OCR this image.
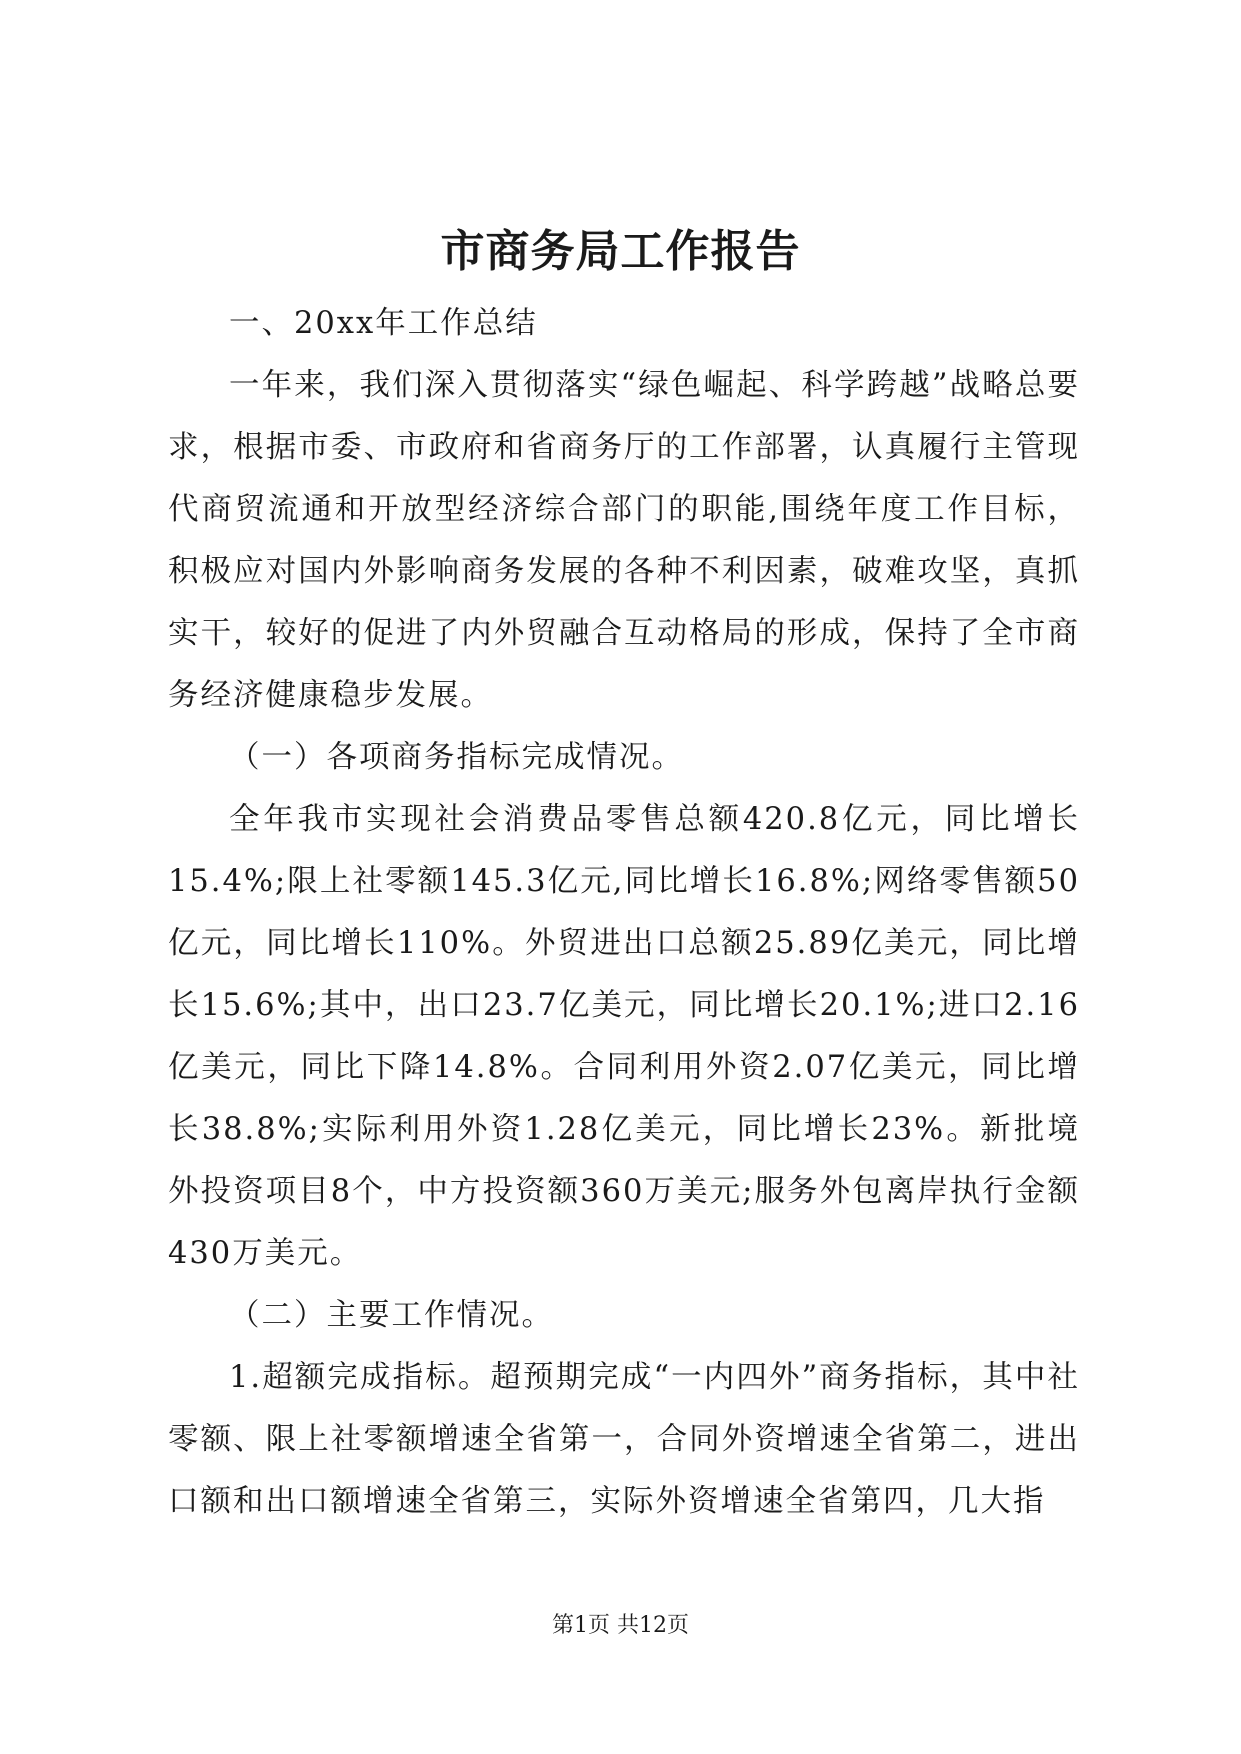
市商务局工作报告

一、20xx年工作总结

一年来，我们深入贯彻落实“绿色崛起、科学跨越”战略总要求，根据市委、市政府和省商务厅的工作部署，认真履行主管现代商贸流通和开放型经济综合部门的职能,围绕年度工作目标，积极应对国内外影响商务发展的各种不利因素，破难攻坚，真抓实干，较好的促进了内外贸融合互动格局的形成，保持了全市商务经济健康稳步发展。

（一）各项商务指标完成情况。

全年我市实现社会消费品零售总额420.8亿元，同比增长15.4%;限上社零额145.3亿元,同比增长16.8%;网络零售额50亿元，同比增长110%。外贸进出口总额25.89亿美元，同比增长15.6%;其中，出口23.7亿美元，同比增长20.1%;进口2.16亿美元，同比下降14.8%。合同利用外资2.07亿美元，同比增长38.8%;实际利用外资1.28亿美元，同比增长23%。新批境外投资项目8个，中方投资额360万美元;服务外包离岸执行金额430万美元。

（二）主要工作情况。

1.超额完成指标。超预期完成“一内四外”商务指标，其中社零额、限上社零额增速全省第一，合同外资增速全省第二，进出口额和出口额增速全省第三，实际外资增速全省第四，几大指

第1页 共12页
